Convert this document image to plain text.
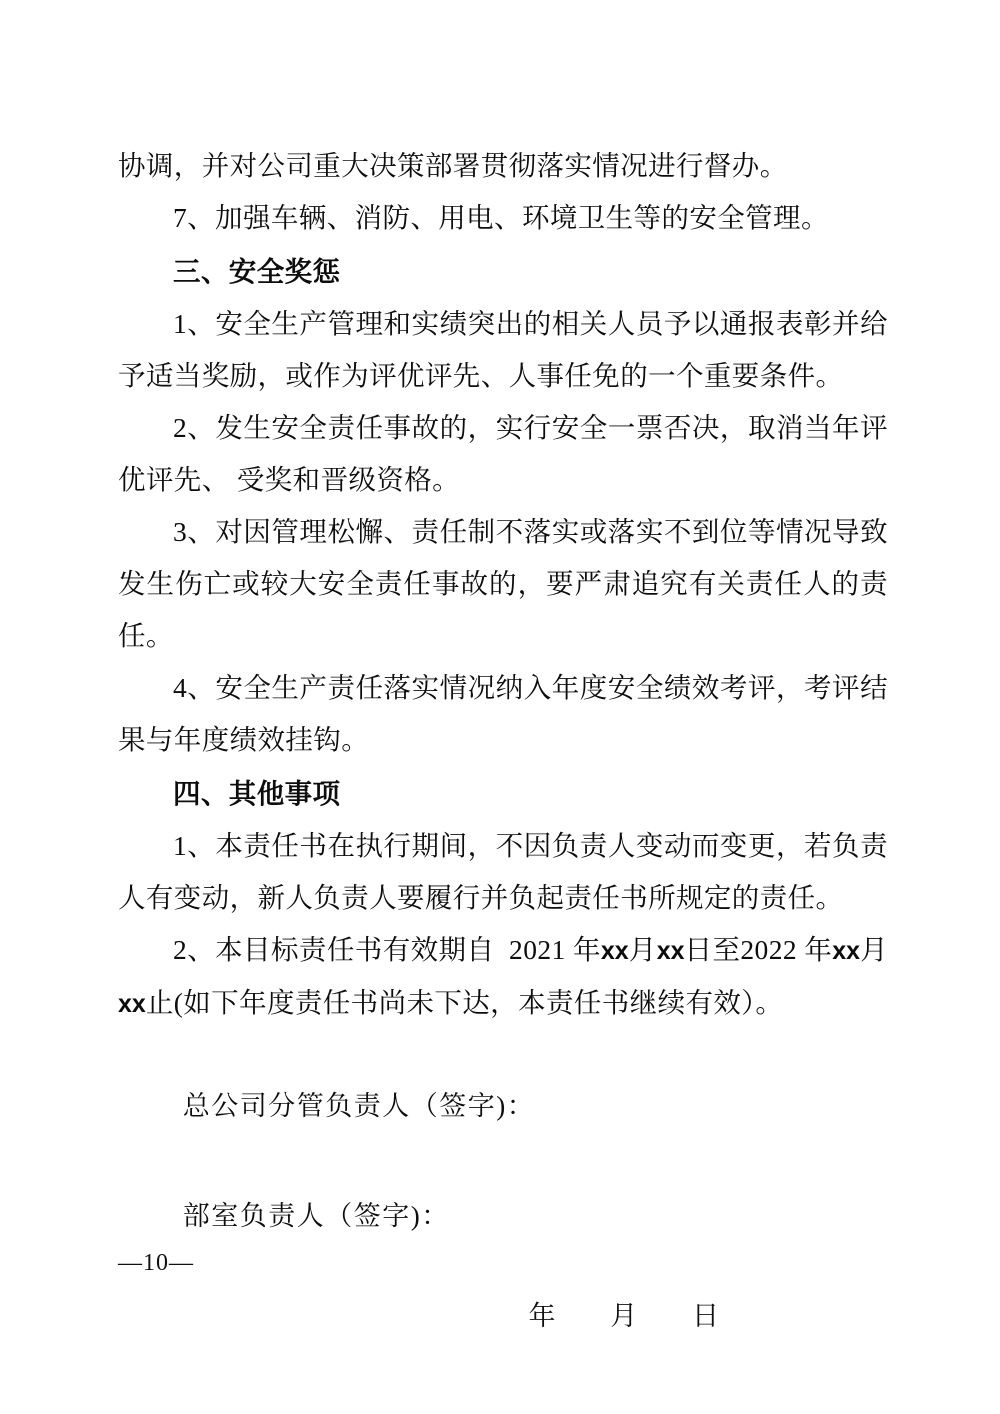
协调，并对公司重大决策部署贯彻落实情况进行督办。

7、加强车辆、消防、用电、环境卫生等的安全管理。

三、安全奖惩

1、安全生产管理和实绩突出的相关人员予以通报表彰并给予适当奖励，或作为评优评先、人事任免的一个重要条件。

2、发生安全责任事故的，实行安全一票否决，取消当年评优评先、 受奖和晋级资格。

3、对因管理松懈、责任制不落实或落实不到位等情况导致发生伤亡或较大安全责任事故的，要严肃追究有关责任人的责任。

4、安全生产责任落实情况纳入年度安全绩效考评，考评结果与年度绩效挂钩。

四、其他事项

1、本责任书在执行期间，不因负责人变动而变更，若负责人有变动，新人负责人要履行并负起责任书所规定的责任。

2、本目标责任书有效期自 2021 年xx月xx日至2022 年xx月xx止(如下年度责任书尚未下达，本责任书继续有效）。

总公司分管负责人（签字)：

部室负责人（签字)：

年 月 日
—10—
